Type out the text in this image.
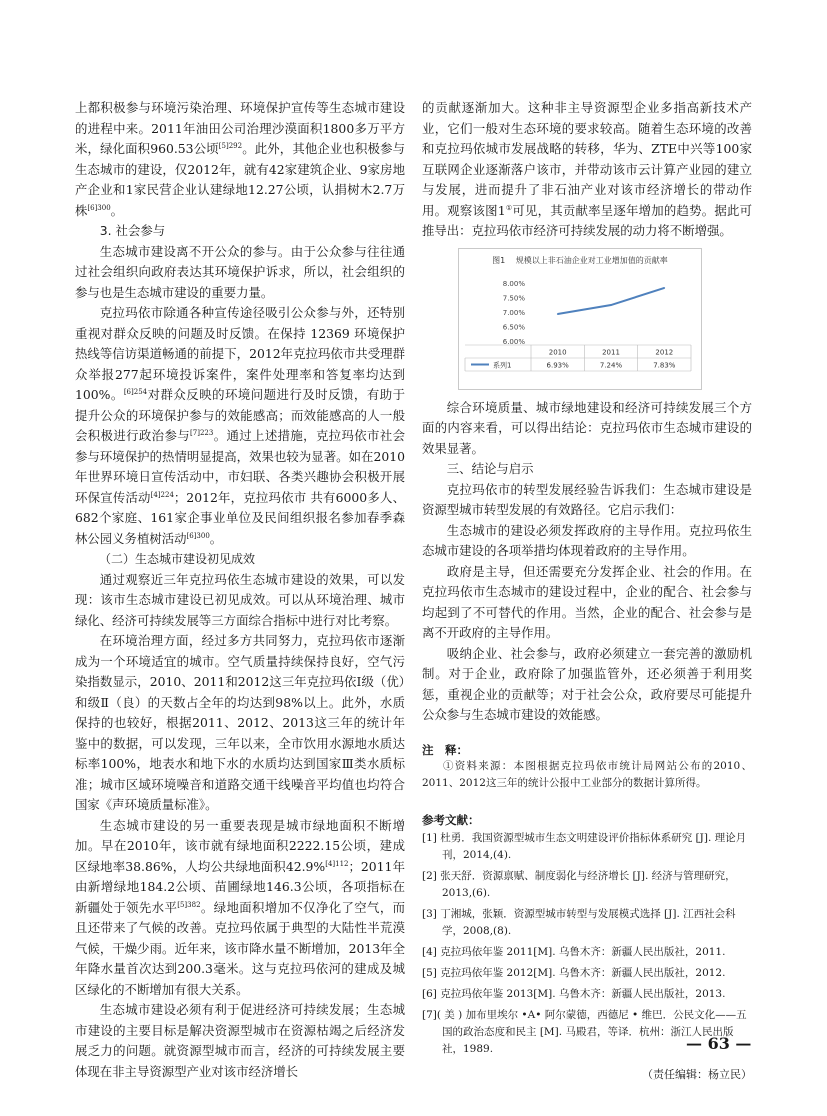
上都积极参与环境污染治理、环境保护宣传等生态城市建设的进程中来。2011年油田公司治理沙漠面积1800多万平方米，绿化面积960.53公顷$^{[5]292}$。此外，其他企业也积极参与生态城市的建设，仅2012年，就有42家建筑企业、9家房地产企业和1家民营企业认建绿地12.27公顷，认捐树木2.7万株$^{[6]300}$。

3. 社会参与

生态城市建设离不开公众的参与。由于公众参与往往通过社会组织向政府表达其环境保护诉求，所以，社会组织的参与也是生态城市建设的重要力量。

克拉玛依市除通各种宣传途径吸引公众参与外，还特别重视对群众反映的问题及时反馈。在保持 12369 环境保护热线等信访渠道畅通的前提下，2012年克拉玛依市共受理群众举报277起环境投诉案件，案件处理率和答复率均达到100%。$^{[6]254}$对群众反映的环境问题进行及时反馈，有助于提升公众的环境保护参与的效能感高；而效能感高的人一般会积极进行政治参与$^{[7]223}$。通过上述措施，克拉玛依市社会参与环境保护的热情明显提高，效果也较为显著。如在2010年世界环境日宣传活动中，市妇联、各类兴趣协会积极开展环保宣传活动$^{[4]224}$；2012年，克拉玛依市 共有6000多人、682个家庭、161家企事业单位及民间组织报名参加春季森林公园义务植树活动$^{[6]300}$。

（二）生态城市建设初见成效

通过观察近三年克拉玛依生态城市建设的效果，可以发现：该市生态城市建设已初见成效。可以从环境治理、城市绿化、经济可持续发展等三方面综合指标中进行对比考察。

在环境治理方面，经过多方共同努力，克拉玛依市逐渐成为一个环境适宜的城市。空气质量持续保持良好，空气污染指数显示，2010、2011和2012这三年克拉玛依Ⅰ级（优）和级Ⅱ（良）的天数占全年的均达到98%以上。此外，水质保持的也较好，根据2011、2012、2013这三年的统计年鉴中的数据，可以发现，三年以来，全市饮用水源地水质达标率100%，地表水和地下水的水质均达到国家Ⅲ类水质标准；城市区域环境噪音和道路交通干线噪音平均值也均符合国家《声环境质量标准》。

生态城市建设的另一重要表现是城市绿地面积不断增加。早在2010年，该市就有绿地面积2222.15公顷，建成区绿地率38.86%，人均公共绿地面积42.9%$^{[4]112}$；2011年由新增绿地184.2公顷、苗圃绿地146.3公顷，各项指标在新疆处于领先水平$^{[5]382}$。绿地面积增加不仅净化了空气，而且还带来了气候的改善。克拉玛依属于典型的大陆性半荒漠气候，干燥少雨。近年来，该市降水量不断增加，2013年全年降水量首次达到200.3毫米。这与克拉玛依河的建成及城区绿化的不断增加有很大关系。

生态城市建设必须有利于促进经济可持续发展；生态城市建设的主要目标是解决资源型城市在资源枯竭之后经济发展乏力的问题。就资源型城市而言，经济的可持续发展主要体现在非主导资源型产业对该市经济增长

的贡献逐渐加大。这种非主导资源型企业多指高新技术产业，它们一般对生态环境的要求较高。随着生态环境的改善和克拉玛依城市发展战略的转移，华为、ZTE中兴等100家互联网企业逐渐落户该市，并带动该市云计算产业园的建立与发展，进而提升了非石油产业对该市经济增长的带动作用。观察该图1①可见，其贡献率呈逐年增加的趋势。据此可推导出：克拉玛依市经济可持续发展的动力将不断增强。

图1 　规模以上非石油企业对工业增加值的贡献率
8.00%
7.50%
7.00%
6.50%
6.00%
2010	2011	2012
系列1	6.93%	7.24%	7.83%

综合环境质量、城市绿地建设和经济可持续发展三个方面的内容来看，可以得出结论：克拉玛依市生态城市建设的效果显著。

三、结论与启示

克拉玛依市的转型发展经验告诉我们：生态城市建设是资源型城市转型发展的有效路径。它启示我们：

生态城市的建设必须发挥政府的主导作用。克拉玛依生态城市建设的各项举措均体现着政府的主导作用。

政府是主导，但还需要充分发挥企业、社会的作用。在克拉玛依市生态城市的建设过程中，企业的配合、社会参与均起到了不可替代的作用。当然，企业的配合、社会参与是离不开政府的主导作用。

吸纳企业、社会参与，政府必须建立一套完善的激励机制。对于企业，政府除了加强监管外，还必须善于利用奖惩，重视企业的贡献等；对于社会公众，政府要尽可能提升公众参与生态城市建设的效能感。

注　释：

①资料来源：本图根据克拉玛依市统计局网站公布的2010、2011、2012这三年的统计公报中工业部分的数据计算所得。

参考文献：
[1] 杜勇．我国资源型城市生态文明建设评价指标体系研究 [J]. 理论月刊，2014,(4).
[2] 张天舒．资源禀赋、制度弱化与经济增长 [J]. 经济与管理研究，2013,(6).
[3] 丁湘城，张颖．资源型城市转型与发展模式选择 [J]. 江西社会科学，2008,(8).
[4] 克拉玛依年鉴 2011[M]. 乌鲁木齐：新疆人民出版社，2011.
[5] 克拉玛依年鉴 2012[M]. 乌鲁木齐：新疆人民出版社，2012.
[6] 克拉玛依年鉴 2013[M]. 乌鲁木齐：新疆人民出版社，2013.
[7]( 美 ) 加布里埃尔 •A• 阿尔蒙德，西德尼 • 维巴．公民文化——五国的政治态度和民主 [M]. 马殿君，等译．杭州：浙江人民出版社，1989.
（责任编辑：杨立民）
— 63 —
